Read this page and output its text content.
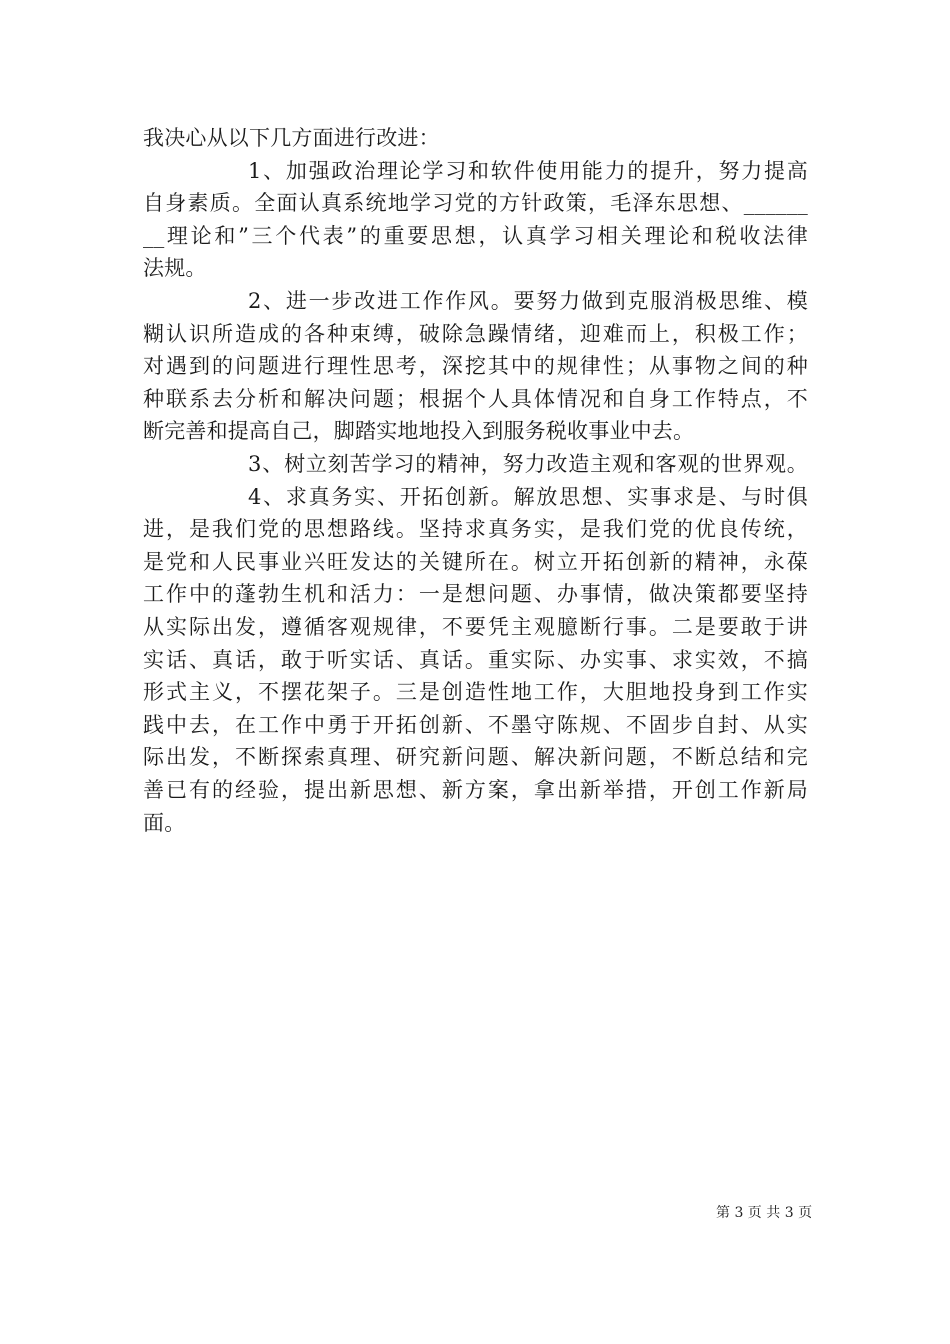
我决心从以下几方面进行改进：
1、加强政治理论学习和软件使用能力的提升，努力提高
自身素质。全面认真系统地学习党的方针政策，毛泽东思想、______
__理论和”三个代表”的重要思想，认真学习相关理论和税收法律
法规。
2、进一步改进工作作风。要努力做到克服消极思维、模
糊认识所造成的各种束缚，破除急躁情绪，迎难而上，积极工作；
对遇到的问题进行理性思考，深挖其中的规律性；从事物之间的种
种联系去分析和解决问题；根据个人具体情况和自身工作特点，不
断完善和提高自己，脚踏实地地投入到服务税收事业中去。
3、树立刻苦学习的精神，努力改造主观和客观的世界观。
4、求真务实、开拓创新。解放思想、实事求是、与时俱
进，是我们党的思想路线。坚持求真务实，是我们党的优良传统，
是党和人民事业兴旺发达的关键所在。树立开拓创新的精神，永葆
工作中的蓬勃生机和活力：一是想问题、办事情，做决策都要坚持
从实际出发，遵循客观规律，不要凭主观臆断行事。二是要敢于讲
实话、真话，敢于听实话、真话。重实际、办实事、求实效，不搞
形式主义，不摆花架子。三是创造性地工作，大胆地投身到工作实
践中去，在工作中勇于开拓创新、不墨守陈规、不固步自封、从实
际出发，不断探索真理、研究新问题、解决新问题，不断总结和完
善已有的经验，提出新思想、新方案，拿出新举措，开创工作新局
面。
第 3 页 共 3 页
